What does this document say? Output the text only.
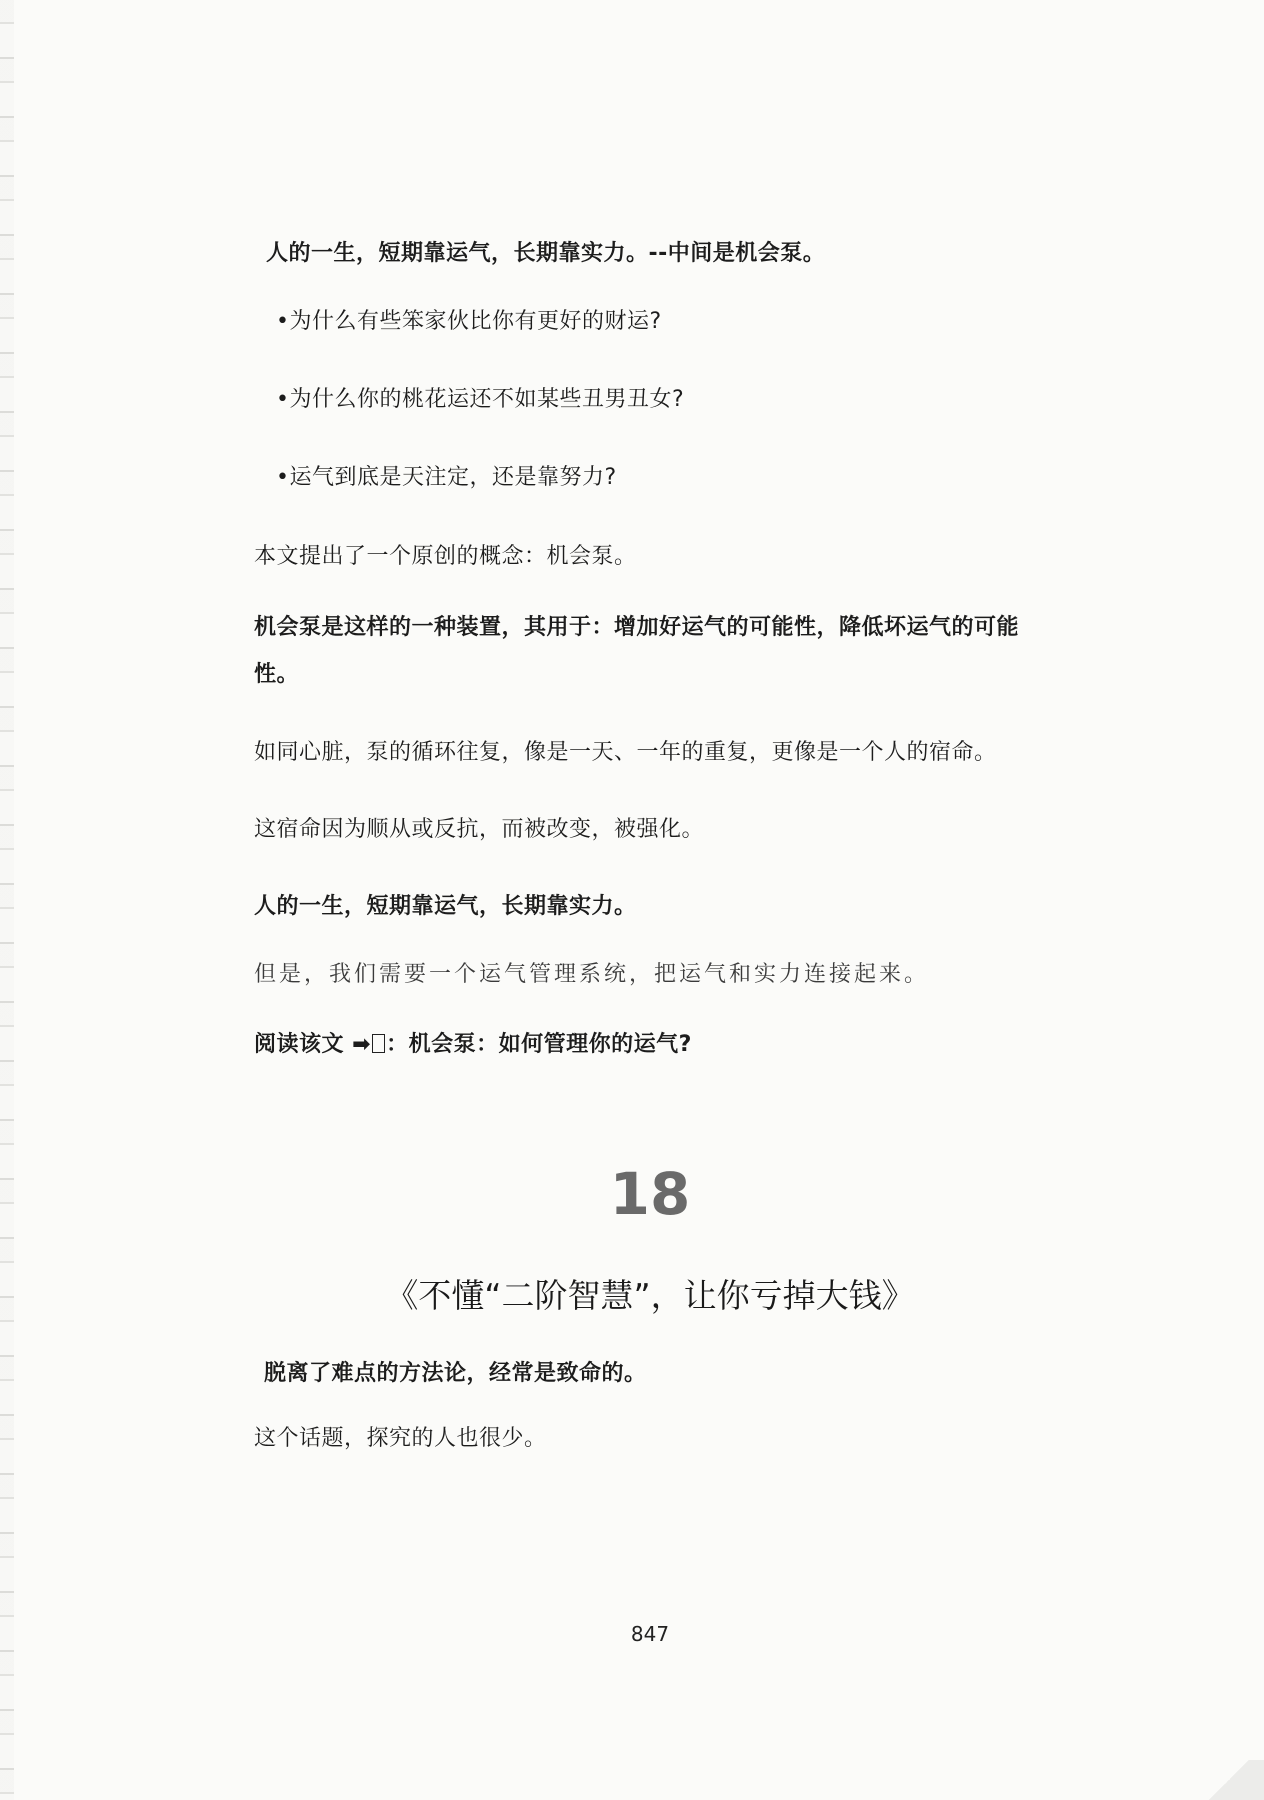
人的一生，短期靠运气，长期靠实力。--中间是机会泵。
•为什么有些笨家伙比你有更好的财运?
•为什么你的桃花运还不如某些丑男丑女?
•运气到底是天注定，还是靠努力?
本文提出了一个原创的概念：机会泵。
机会泵是这样的一种装置，其用于：增加好运气的可能性，降低坏运气的可能性。
如同心脏，泵的循环往复，像是一天、一年的重复，更像是一个人的宿命。
这宿命因为顺从或反抗，而被改变，被强化。
人的一生，短期靠运气，长期靠实力。
但是，我们需要一个运气管理系统，把运气和实力连接起来。
阅读该文 ➡ ：机会泵：如何管理你的运气?
18
《不懂“二阶智慧”，让你亏掉大钱》
脱离了难点的方法论，经常是致命的。
这个话题，探究的人也很少。
847
